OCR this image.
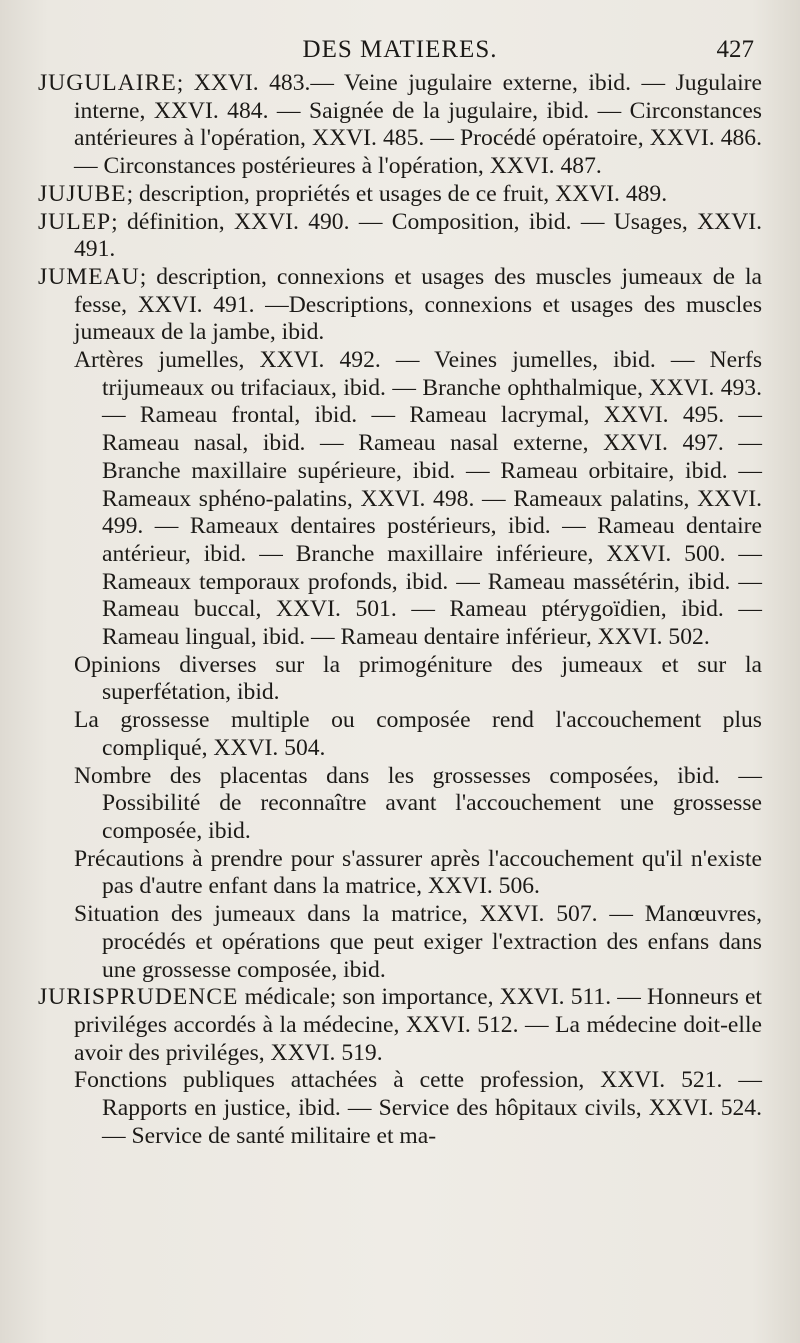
DES MATIERES.	427

JUGULAIRE; XXVI. 483.— Veine jugulaire externe, ibid. — Jugulaire interne, XXVI. 484. — Saignée de la jugulaire, ibid. — Circonstances antérieures à l'opération, XXVI. 485. — Procédé opératoire, XXVI. 486. — Circonstances postérieures à l'opération, XXVI. 487.

JUJUBE; description, propriétés et usages de ce fruit, XXVI. 489.

JULEP; définition, XXVI. 490. — Composition, ibid. — Usages, XXVI. 491.

JUMEAU; description, connexions et usages des muscles jumeaux de la fesse, XXVI. 491. —Descriptions, connexions et usages des muscles jumeaux de la jambe, ibid.

Artères jumelles, XXVI. 492. — Veines jumelles, ibid. — Nerfs trijumeaux ou trifaciaux, ibid. — Branche ophthalmique, XXVI. 493. — Rameau frontal, ibid. — Rameau lacrymal, XXVI. 495. — Rameau nasal, ibid. — Rameau nasal externe, XXVI. 497. — Branche maxillaire supérieure, ibid. — Rameau orbitaire, ibid. — Rameaux sphéno-palatins, XXVI. 498. — Rameaux palatins, XXVI. 499. — Rameaux dentaires postérieurs, ibid. — Rameau dentaire antérieur, ibid. — Branche maxillaire inférieure, XXVI. 500. —Rameaux temporaux profonds, ibid. — Rameau massétérin, ibid. — Rameau buccal, XXVI. 501. — Rameau ptérygoïdien, ibid. — Rameau lingual, ibid. — Rameau dentaire inférieur, XXVI. 502.

Opinions diverses sur la primogéniture des jumeaux et sur la superfétation, ibid.

La grossesse multiple ou composée rend l'accouchement plus compliqué, XXVI. 504.

Nombre des placentas dans les grossesses composées, ibid. — Possibilité de reconnaître avant l'accouchement une grossesse composée, ibid.

Précautions à prendre pour s'assurer après l'accouchement qu'il n'existe pas d'autre enfant dans la matrice, XXVI. 506.

Situation des jumeaux dans la matrice, XXVI. 507. — Manœuvres, procédés et opérations que peut exiger l'extraction des enfans dans une grossesse composée, ibid.

JURISPRUDENCE médicale; son importance, XXVI. 511. — Honneurs et priviléges accordés à la médecine, XXVI. 512. — La médecine doit-elle avoir des priviléges, XXVI. 519.

Fonctions publiques attachées à cette profession, XXVI. 521. — Rapports en justice, ibid. — Service des hôpitaux civils, XXVI. 524. — Service de santé militaire et ma-
